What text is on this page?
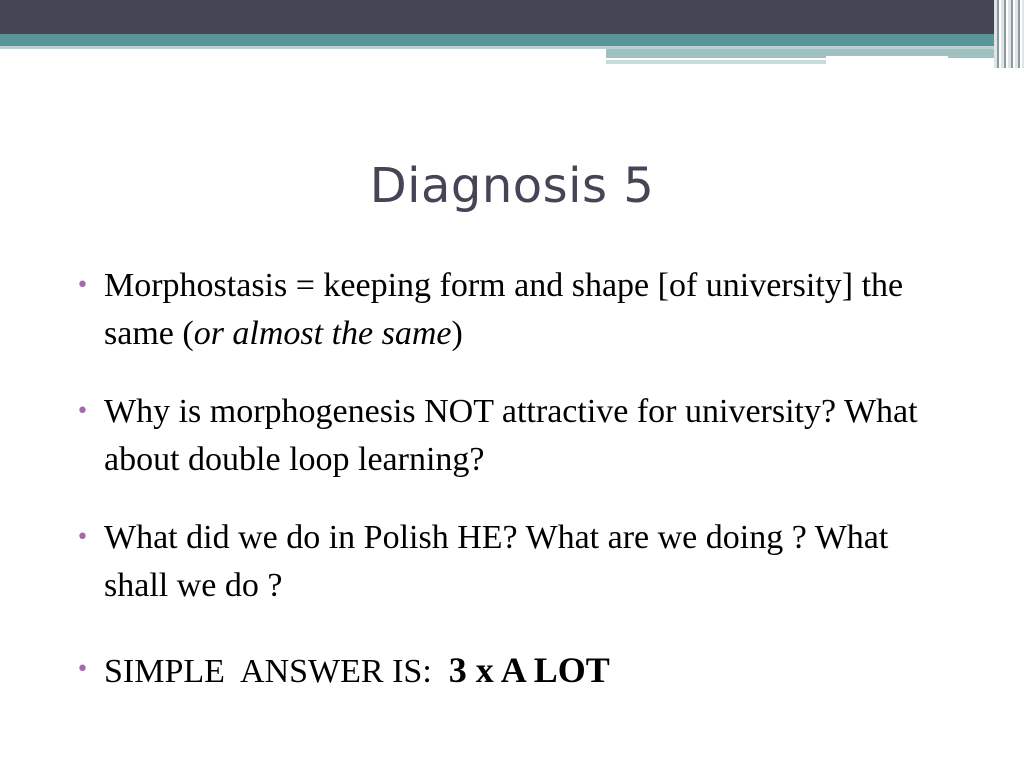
Diagnosis 5
• Morphostasis = keeping form and shape [of university] the same (or almost the same)
• Why is morphogenesis NOT attractive for university? What about double loop learning?
• What did we do in Polish HE? What are we doing ? What shall we do ?
• SIMPLE  ANSWER IS:  3 x A LOT
